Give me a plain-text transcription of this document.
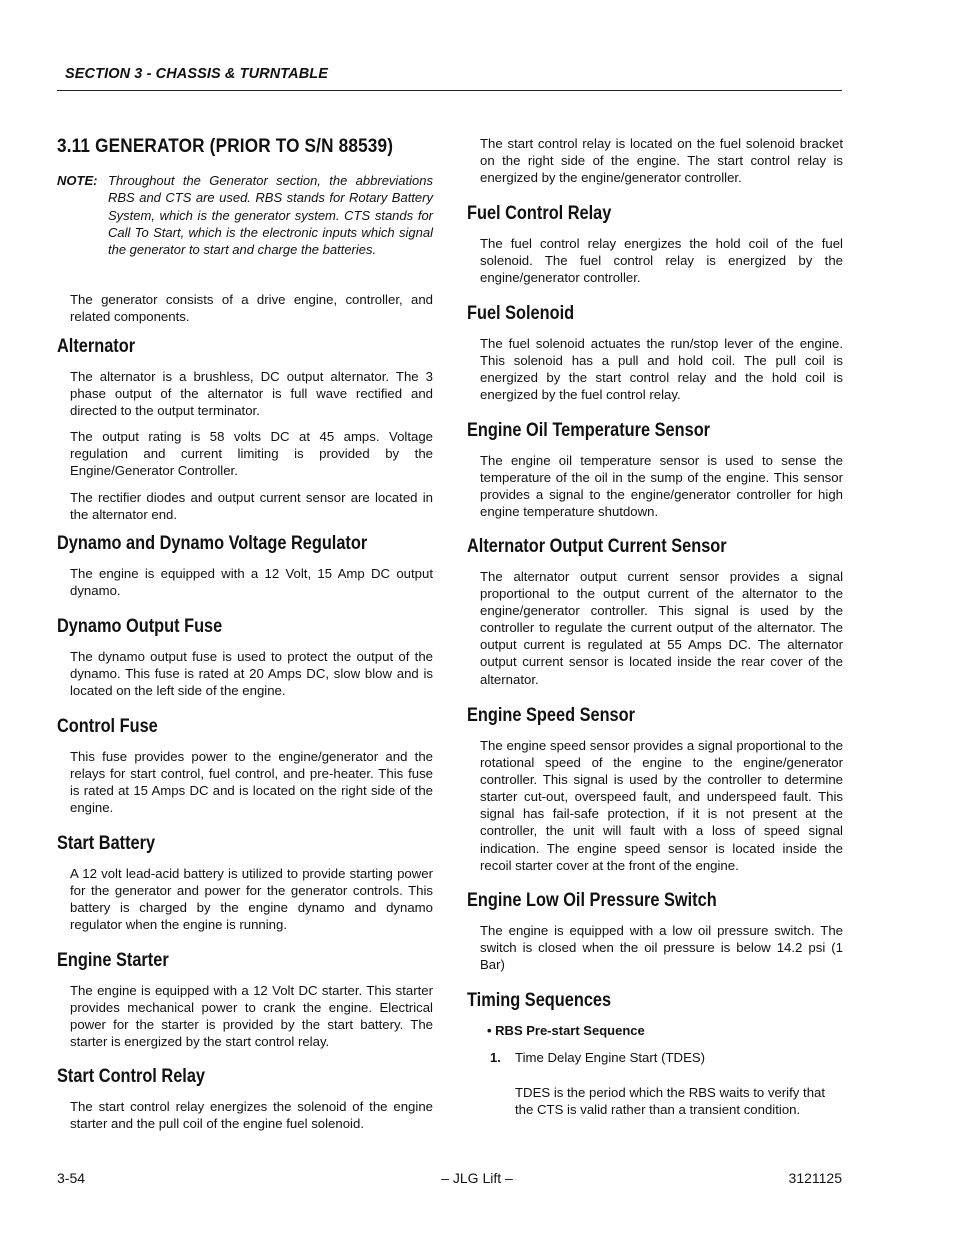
SECTION 3 - CHASSIS & TURNTABLE
3.11 GENERATOR (PRIOR TO S/N 88539)
NOTE: Throughout the Generator section, the abbreviations RBS and CTS are used. RBS stands for Rotary Battery System, which is the generator system. CTS stands for Call To Start, which is the electronic inputs which signal the generator to start and charge the batteries.
The generator consists of a drive engine, controller, and related components.
Alternator
The alternator is a brushless, DC output alternator. The 3 phase output of the alternator is full wave rectified and directed to the output terminator.
The output rating is 58 volts DC at 45 amps. Voltage regulation and current limiting is provided by the Engine/Generator Controller.
The rectifier diodes and output current sensor are located in the alternator end.
Dynamo and Dynamo Voltage Regulator
The engine is equipped with a 12 Volt, 15 Amp DC output dynamo.
Dynamo Output Fuse
The dynamo output fuse is used to protect the output of the dynamo. This fuse is rated at 20 Amps DC, slow blow and is located on the left side of the engine.
Control Fuse
This fuse provides power to the engine/generator and the relays for start control, fuel control, and pre-heater. This fuse is rated at 15 Amps DC and is located on the right side of the engine.
Start Battery
A 12 volt lead-acid battery is utilized to provide starting power for the generator and power for the generator controls. This battery is charged by the engine dynamo and dynamo regulator when the engine is running.
Engine Starter
The engine is equipped with a 12 Volt DC starter. This starter provides mechanical power to crank the engine. Electrical power for the starter is provided by the start battery. The starter is energized by the start control relay.
Start Control Relay
The start control relay energizes the solenoid of the engine starter and the pull coil of the engine fuel solenoid.
The start control relay is located on the fuel solenoid bracket on the right side of the engine. The start control relay is energized by the engine/generator controller.
Fuel Control Relay
The fuel control relay energizes the hold coil of the fuel solenoid. The fuel control relay is energized by the engine/generator controller.
Fuel Solenoid
The fuel solenoid actuates the run/stop lever of the engine. This solenoid has a pull and hold coil. The pull coil is energized by the start control relay and the hold coil is energized by the fuel control relay.
Engine Oil Temperature Sensor
The engine oil temperature sensor is used to sense the temperature of the oil in the sump of the engine. This sensor provides a signal to the engine/generator controller for high engine temperature shutdown.
Alternator Output Current Sensor
The alternator output current sensor provides a signal proportional to the output current of the alternator to the engine/generator controller. This signal is used by the controller to regulate the current output of the alternator. The output current is regulated at 55 Amps DC. The alternator output current sensor is located inside the rear cover of the alternator.
Engine Speed Sensor
The engine speed sensor provides a signal proportional to the rotational speed of the engine to the engine/generator controller. This signal is used by the controller to determine starter cut-out, overspeed fault, and underspeed fault. This signal has fail-safe protection, if it is not present at the controller, the unit will fault with a loss of speed signal indication. The engine speed sensor is located inside the recoil starter cover at the front of the engine.
Engine Low Oil Pressure Switch
The engine is equipped with a low oil pressure switch. The switch is closed when the oil pressure is below 14.2 psi (1 Bar)
Timing Sequences
• RBS Pre-start Sequence
1. Time Delay Engine Start (TDES)
TDES is the period which the RBS waits to verify that the CTS is valid rather than a transient condition.
3-54	– JLG Lift –	3121125
